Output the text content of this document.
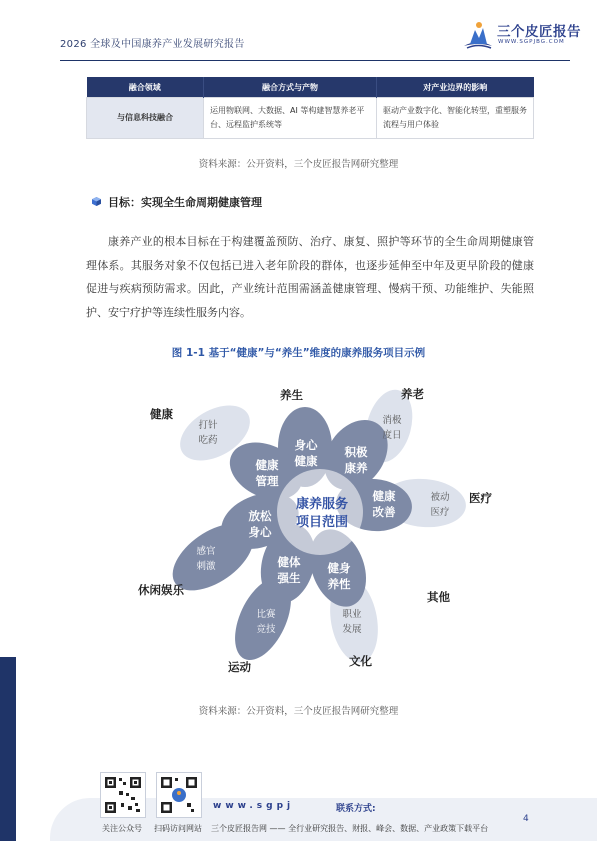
2026 全球及中国康养产业发展研究报告
三个皮匠报告
WWW.SGPJBG.COM
融合领域	融合方式与产物	对产业边界的影响
与信息科技融合	运用物联网、大数据、AI 等构建智慧养老平台、远程监护系统等	驱动产业数字化、智能化转型，重塑服务流程与用户体验
资料来源：公开资料，三个皮匠报告网研究整理
目标：实现全生命周期健康管理

康养产业的根本目标在于构建覆盖预防、治疗、康复、照护等环节的全生命周期健康管理体系。其服务对象不仅包括已进入老年阶段的群体，也逐步延伸至中年及更早阶段的健康促进与疾病预防需求。因此，产业统计范围需涵盖健康管理、慢病干预、功能维护、失能照护、安宁疗护等连续性服务内容。

图 1-1 基于“健康”与“养生”维度的康养服务项目示例
康养服务
项目范围
身心
健康
积极
康养
健康
改善
健身
养性
健体
强生
放松
身心
健康
管理
打针
吃药
消极
度日
被动
医疗
职业
发展
比赛
竞技
感官
刺激
健康
养生	养老
医疗
其他
文化
运动
休闲娱乐
资料来源：公开资料，三个皮匠报告网研究整理
关注公众号	扫码访问网站
www.sgpj	联系方式:
三个皮匠报告网 —— 全行业研究报告、财报、峰会、数据、产业政策下载平台
4
